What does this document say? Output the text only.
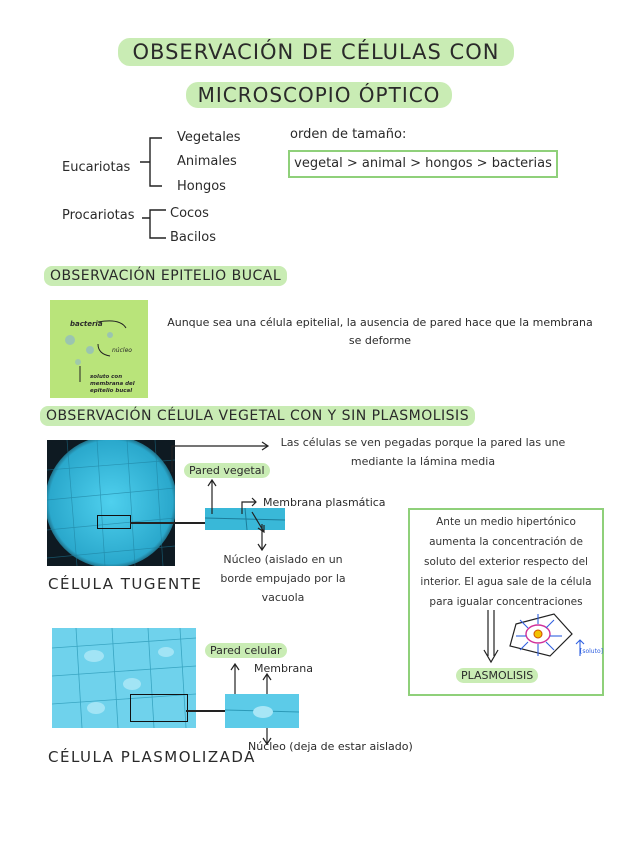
OBSERVACIÓN DE CÉLULAS CON
MICROSCOPIO ÓPTICO
Eucariotas
Vegetales
Animales
Hongos
Procariotas	Cocos
Bacilos
orden de tamaño:
vegetal > animal > hongos > bacterias
OBSERVACIÓN EPITELIO BUCAL
bacteria
núcleo
soluto con membrana del epitelio bucal
Aunque sea una célula epitelial, la ausencia de pared hace que la membrana se deforme
OBSERVACIÓN CÉLULA VEGETAL CON Y SIN PLASMOLISIS
Las células se ven pegadas porque la pared las une mediante la lámina media
Pared vegetal
Membrana plasmática
Núcleo (aislado en un borde empujado por la vacuola
CÉLULA TUGENTE
Ante un medio hipertónico aumenta la concentración de soluto del exterior respecto del interior. El agua sale de la célula para igualar concentraciones
[soluto]
PLASMOLISIS
Pared celular
Membrana
Núcleo (deja de estar aislado)
CÉLULA PLASMOLIZADA
